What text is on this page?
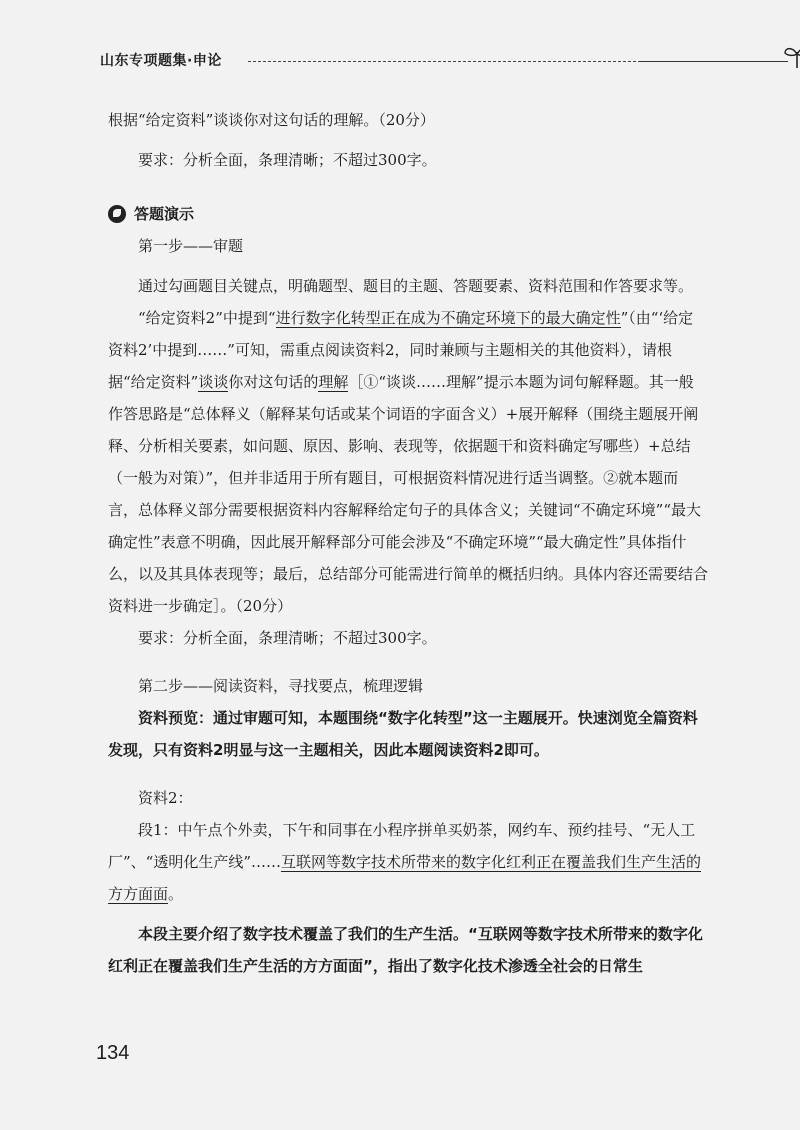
山东专项题集·申论

根据“给定资料”谈谈你对这句话的理解。（20分）

要求：分析全面，条理清晰；不超过300字。

答题演示

第一步——审题

通过勾画题目关键点，明确题型、题目的主题、答题要素、资料范围和作答要求等。

“给定资料2”中提到“进行数字化转型正在成为不确定环境下的最大确定性”（由“‘给定资料2’中提到……”可知，需重点阅读资料2，同时兼顾与主题相关的其他资料），请根据“给定资料”谈谈你对这句话的理解［①“谈谈……理解”提示本题为词句解释题。其一般作答思路是“总体释义（解释某句话或某个词语的字面含义）+展开解释（围绕主题展开阐释、分析相关要素，如问题、原因、影响、表现等，依据题干和资料确定写哪些）+总结（一般为对策）”，但并非适用于所有题目，可根据资料情况进行适当调整。②就本题而言，总体释义部分需要根据资料内容解释给定句子的具体含义；关键词“不确定环境”“最大确定性”表意不明确，因此展开解释部分可能会涉及“不确定环境”“最大确定性”具体指什么，以及其具体表现等；最后，总结部分可能需进行简单的概括归纳。具体内容还需要结合资料进一步确定］。（20分）

要求：分析全面，条理清晰；不超过300字。

第二步——阅读资料，寻找要点，梳理逻辑

资料预览：通过审题可知，本题围绕“数字化转型”这一主题展开。快速浏览全篇资料发现，只有资料2明显与这一主题相关，因此本题阅读资料2即可。

资料2：

段1：中午点个外卖，下午和同事在小程序拼单买奶茶，网约车、预约挂号、“无人工厂”、“透明化生产线”……互联网等数字技术所带来的数字化红利正在覆盖我们生产生活的方方面面。

本段主要介绍了数字技术覆盖了我们的生产生活。“互联网等数字技术所带来的数字化红利正在覆盖我们生产生活的方方面面”，指出了数字化技术渗透全社会的日常生

134
